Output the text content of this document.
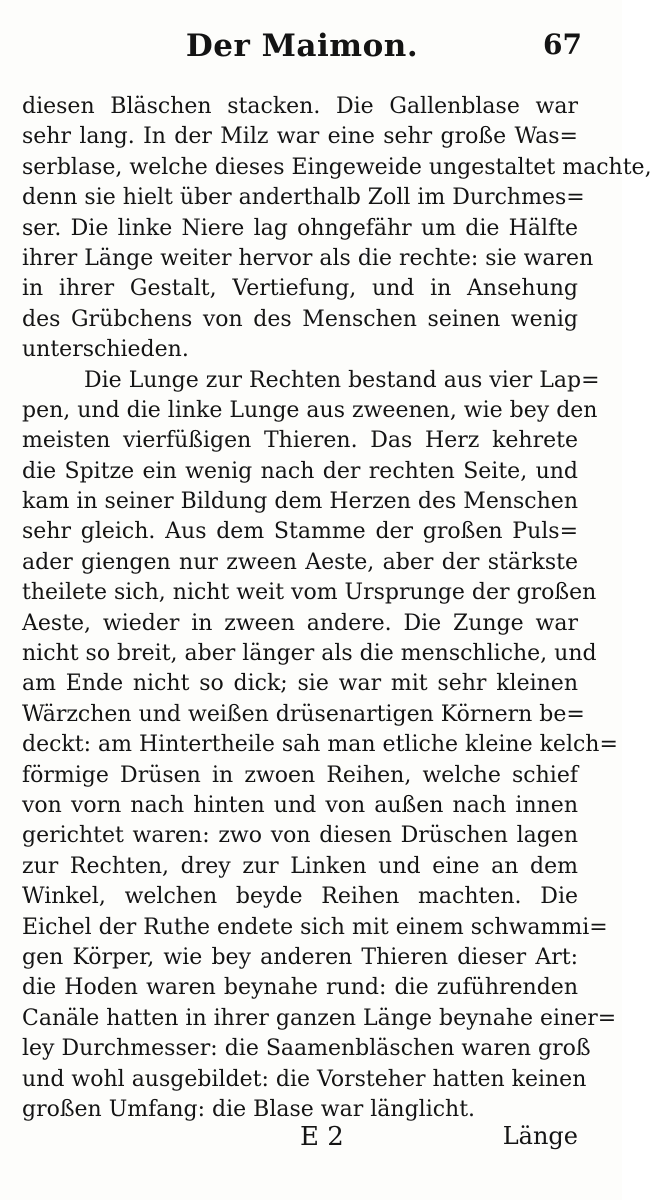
Der Maimon.	67
diesen Bläschen stacken. Die Gallenblase war
sehr lang. In der Milz war eine sehr große Was=
serblase, welche dieses Eingeweide ungestaltet machte,
denn sie hielt über anderthalb Zoll im Durchmes=
ser. Die linke Niere lag ohngefähr um die Hälfte
ihrer Länge weiter hervor als die rechte: sie waren
in ihrer Gestalt, Vertiefung, und in Ansehung
des Grübchens von des Menschen seinen wenig
unterschieden.
Die Lunge zur Rechten bestand aus vier Lap=
pen, und die linke Lunge aus zweenen, wie bey den
meisten vierfüßigen Thieren. Das Herz kehrete
die Spitze ein wenig nach der rechten Seite, und
kam in seiner Bildung dem Herzen des Menschen
sehr gleich. Aus dem Stamme der großen Puls=
ader giengen nur zween Aeste, aber der stärkste
theilete sich, nicht weit vom Ursprunge der großen
Aeste, wieder in zween andere. Die Zunge war
nicht so breit, aber länger als die menschliche, und
am Ende nicht so dick; sie war mit sehr kleinen
Wärzchen und weißen drüsenartigen Körnern be=
deckt: am Hintertheile sah man etliche kleine kelch=
förmige Drüsen in zwoen Reihen, welche schief
von vorn nach hinten und von außen nach innen
gerichtet waren: zwo von diesen Drüschen lagen
zur Rechten, drey zur Linken und eine an dem
Winkel, welchen beyde Reihen machten. Die
Eichel der Ruthe endete sich mit einem schwammi=
gen Körper, wie bey anderen Thieren dieser Art:
die Hoden waren beynahe rund: die zuführenden
Canäle hatten in ihrer ganzen Länge beynahe einer=
ley Durchmesser: die Saamenbläschen waren groß
und wohl ausgebildet: die Vorsteher hatten keinen
großen Umfang: die Blase war länglicht.
E 2	Länge
